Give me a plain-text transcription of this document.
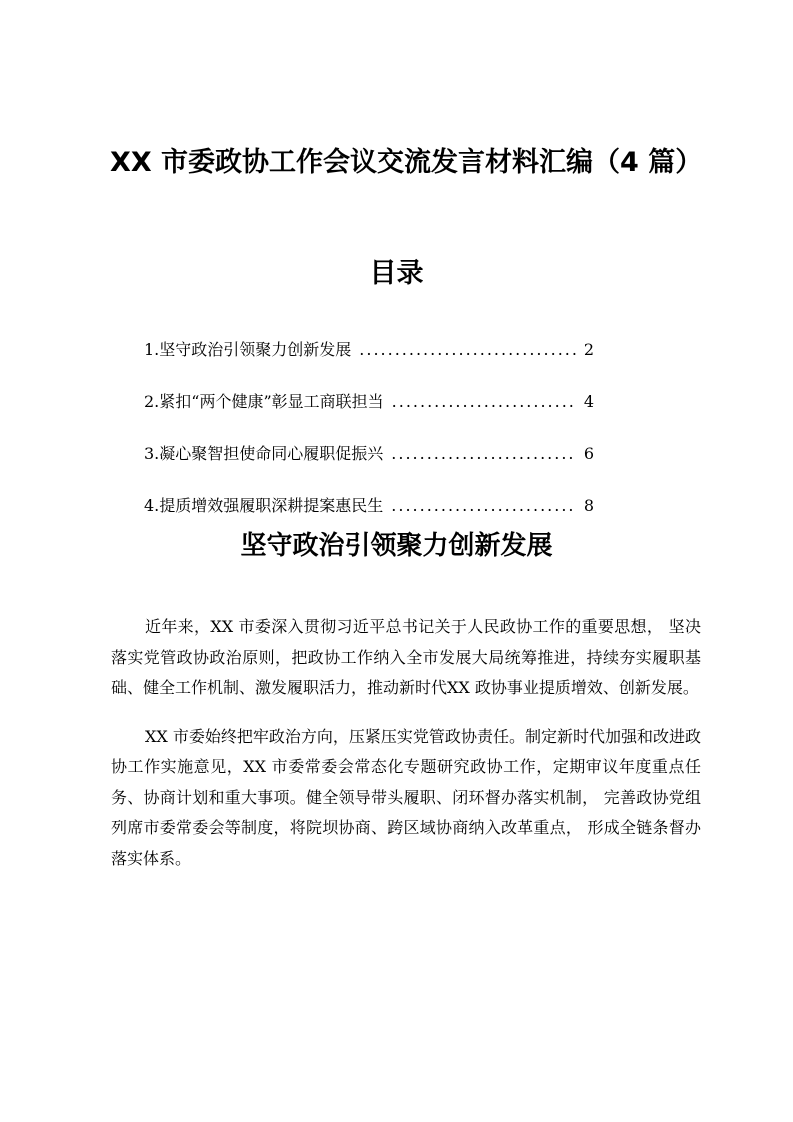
XX 市委政协工作会议交流发言材料汇编（4 篇）
目录
1. 坚守政治引领聚力创新发展 .....	2
2. 紧扣“两个健康”彰显工商联担当 .....	4
3. 凝心聚智担使命同心履职促振兴 .....	6
4. 提质增效强履职深耕提案惠民生 .....	8
坚守政治引领聚力创新发展

近年来，XX 市委深入贯彻习近平总书记关于人民政协工作的重要思想， 坚决落实党管政协政治原则，把政协工作纳入全市发展大局统筹推进，持续夯实履职基础、健全工作机制、激发履职活力，推动新时代XX 政协事业提质增效、创新发展。

XX 市委始终把牢政治方向，压紧压实党管政协责任。制定新时代加强和改进政协工作实施意见，XX 市委常委会常态化专题研究政协工作，定期审议年度重点任务、协商计划和重大事项。健全领导带头履职、闭环督办落实机制， 完善政协党组列席市委常委会等制度，将院坝协商、跨区域协商纳入改革重点， 形成全链条督办落实体系。
